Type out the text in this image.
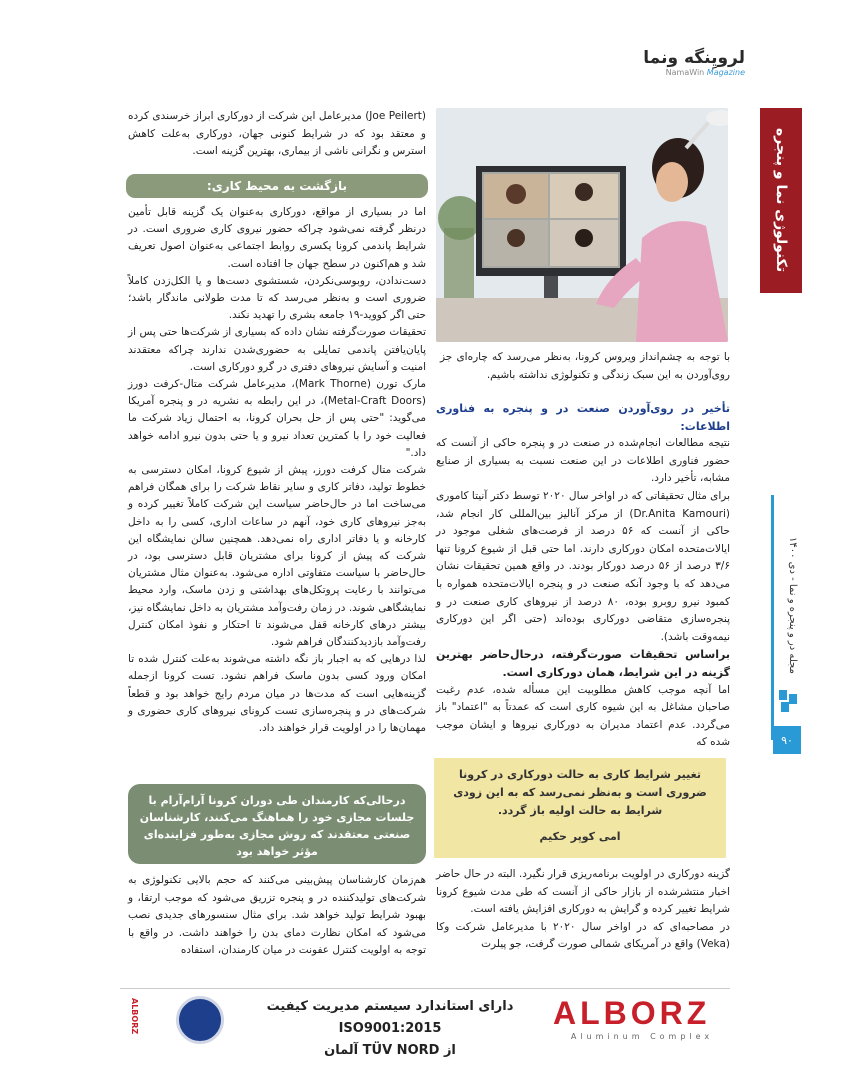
لرويِنگه ونما
NamaWin Magazine
تکنولوژی نما و پنجره
مجله در و پنجره و نما - دی ۱۴۰۰
۹۰
با توجه به چشم‌انداز ویروس کرونا، به‌نظر می‌رسد که چاره‌ای جز روی‌آوردن به این سبک زندگی و تکنولوژی نداشته باشیم.

تأخیر در روی‌آوردن صنعت در و پنجره به فناوری اطلاعات:

نتیجه مطالعات انجام‌شده در صنعت در و پنجره حاکی از آنست که حضور فناوری اطلاعات در این صنعت نسبت به بسیاری از صنایع مشابه، تأخیر دارد.

برای مثال تحقیقاتی که در اواخر سال ۲۰۲۰ توسط دکتر آنیتا کاموری (Dr.Anita Kamouri) از مرکز آنالیز بین‌المللی کار انجام شد، حاکی از آنست که ۵۶ درصد از فرصت‌های شغلی موجود در ایالات‌متحده امکان دورکاری دارند. اما حتی قبل از شیوع کرونا تنها ۳/۶ درصد از ۵۶ درصد دورکار بودند. در واقع همین تحقیقات نشان می‌دهد که با وجود آنکه صنعت در و پنجره ایالات‌متحده همواره با کمبود نیرو روبرو بوده، ۸۰ درصد از نیروهای کاری صنعت در و پنجره‌سازی متقاضی دورکاری بوده‌اند (حتی اگر این دورکاری نیمه‌وقت باشد).

براساس تحقیقات صورت‌گرفته، درحال‌حاضر بهترین گزینه در این شرایط، همان دورکاری است.

اما آنچه موجب کاهش مطلوبیت این مسأله شده، عدم رغبت صاحبان مشاغل به این شیوه کاری است که عمدتاً به "اعتماد" باز می‌گردد. عدم اعتماد مدیران به دورکاری نیروها و ایشان موجب شده که

تغییر شرایط کاری به حالت دورکاری در کرونا ضروری است و به‌نظر نمی‌رسد که به این زودی شرایط به حالت اولیه باز گردد.
امی کوپر حکیم

گزینه دورکاری در اولویت برنامه‌ریزی قرار نگیرد. البته در حال حاضر اخبار منتشرشده از بازار حاکی از آنست که طی مدت شیوع کرونا شرایط تغییر کرده و گرایش به دورکاری افزایش یافته است.

در مصاحبه‌ای که در اواخر سال ۲۰۲۰ با مدیرعامل شرکت وکا (Veka) واقع در آمریکای شمالی صورت گرفت، جو پیلرت

(Joe Peilert) مدیرعامل این شرکت از دورکاری ابراز خرسندی کرده و معتقد بود که در شرایط کنونی جهان، دورکاری به‌علت کاهش استرس و نگرانی ناشی از بیماری، بهترین گزینه است.

بازگشت به محیط کاری:

اما در بسیاری از مواقع، دورکاری به‌عنوان یک گزینه قابل تأمین درنظر گرفته نمی‌شود چراکه حضور نیروی کاری ضروری است. در شرایط پاندمی کرونا یکسری روابط اجتماعی به‌عنوان اصول تعریف شد و هم‌اکنون در سطح جهان جا افتاده است.

دست‌ندادن، روبوسی‌نکردن، شستشوی دست‌ها و یا الکل‌زدن کاملاً ضروری است و به‌نظر می‌رسد که تا مدت طولانی ماندگار باشد؛ حتی اگر کووید-۱۹ جامعه بشری را تهدید نکند.

تحقیقات صورت‌گرفته نشان داده که بسیاری از شرکت‌ها حتی پس از پایان‌یافتن پاندمی تمایلی به حضوری‌شدن ندارند چراکه معتقدند امنیت و آسایش نیروهای دفتری در گرو دورکاری است.

مارک تورن (Mark Thorne)، مدیرعامل شرکت متال-کرفت دورز (Metal-Craft Doors)، در این رابطه به نشریه در و پنجره آمریکا می‌گوید: "حتی پس از حل بحران کرونا، به احتمال زیاد شرکت ما فعالیت خود را با کمترین تعداد نیرو و یا حتی بدون نیرو ادامه خواهد داد."

شرکت متال کرفت دورز، پیش از شیوع کرونا، امکان دسترسی به خطوط تولید، دفاتر کاری و سایر نقاط شرکت را برای همگان فراهم می‌ساخت اما در حال‌حاضر سیاست این شرکت کاملاً تغییر کرده و به‌جز نیروهای کاری خود، آنهم در ساعات اداری، کسی را به داخل کارخانه و یا دفاتر اداری راه نمی‌دهد. همچنین سالن نمایشگاه این شرکت که پیش از کرونا برای مشتریان قابل دسترسی بود، در حال‌حاضر با سیاست متفاوتی اداره می‌شود. به‌عنوان مثال مشتریان می‌توانند با رعایت پروتکل‌های بهداشتی و زدن ماسک، وارد محیط نمایشگاهی شوند. در زمان رفت‌وآمد مشتریان به داخل نمایشگاه نیز، بیشتر درهای کارخانه قفل می‌شوند تا احتکار و نفوذ امکان کنترل رفت‌وآمد بازدیدکنندگان فراهم شود.

لذا درهایی که به اجبار باز نگه داشته می‌شوند به‌علت کنترل شده تا امکان ورود کسی بدون ماسک فراهم نشود. تست کرونا ازجمله گزینه‌هایی است که مدت‌ها در میان مردم رایج خواهد بود و قطعاً شرکت‌های در و پنجره‌سازی تست کرونای نیروهای کاری حضوری و مهمان‌ها را در اولویت قرار خواهند داد.

درحالی‌که کارمندان طی دوران کرونا آرام‌آرام با جلسات مجازی خود را هماهنگ می‌کنند، کارشناسان صنعتی معتقدند که روش مجازی به‌طور فزاینده‌ای مؤثر خواهد بود

هم‌زمان کارشناسان پیش‌بینی می‌کنند که حجم بالایی تکنولوژی به شرکت‌های تولیدکننده در و پنجره تزریق می‌شود که موجب ارتقا، و بهبود شرایط تولید خواهد شد. برای مثال سنسورهای جدیدی نصب می‌شود که امکان نظارت دمای بدن را خواهند داشت. در واقع با توجه به اولویت کنترل عفونت در میان کارمندان، استفاده

ALBORZ
Aluminum Complex
دارای استاندارد سیستم مدیریت کیفیت ISO9001:2015
از TÜV NORD آلمان
ALBORZ
